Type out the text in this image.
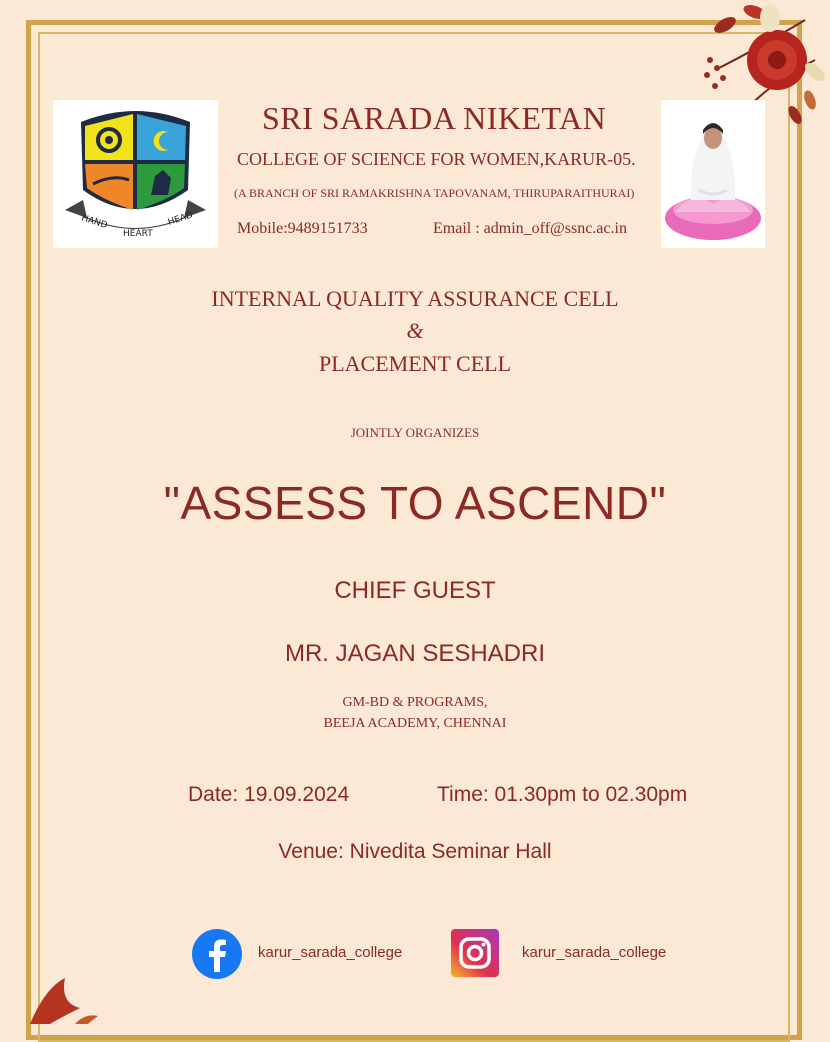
HAND
HEART
HEAD
SRI SARADA NIKETAN
COLLEGE OF SCIENCE FOR WOMEN,KARUR-05.
(A BRANCH OF SRI RAMAKRISHNA TAPOVANAM, THIRUPARAITHURAI)
Mobile:9489151733	Email : admin_off@ssnc.ac.in
INTERNAL QUALITY ASSURANCE CELL
&
PLACEMENT CELL
JOINTLY ORGANIZES
"ASSESS TO ASCEND"
CHIEF GUEST
MR. JAGAN SESHADRI
GM-BD & PROGRAMS,
BEEJA ACADEMY, CHENNAI
Date: 19.09.2024	Time: 01.30pm to 02.30pm
Venue: Nivedita Seminar Hall
karur_sarada_college	karur_sarada_college
